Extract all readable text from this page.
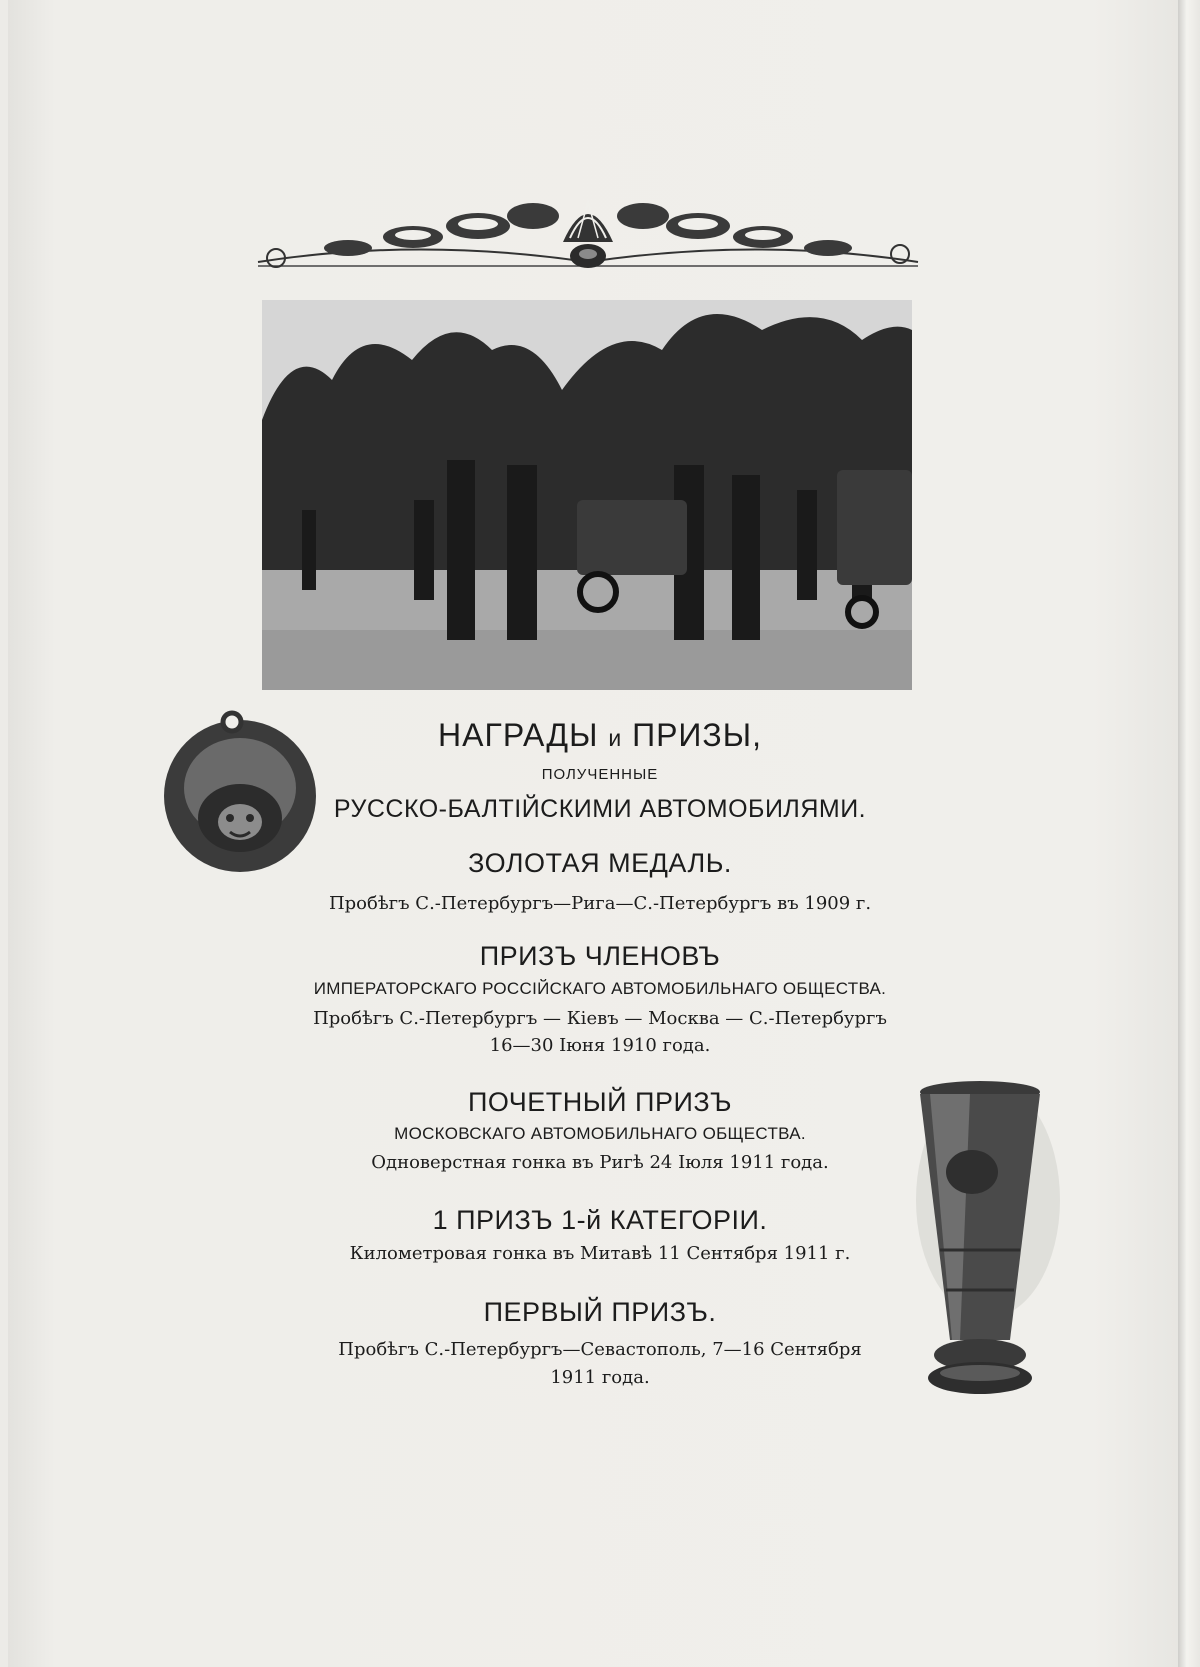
НАГРАДЫ и ПРИЗЫ,
ПОЛУЧЕННЫЕ
РУССКО-БАЛТІЙСКИМИ АВТОМОБИЛЯМИ.
ЗОЛОТАЯ МЕДАЛЬ.
Пробѣгъ С.-Петербургъ—Рига—С.-Петербургъ въ 1909 г.
ПРИЗЪ ЧЛЕНОВЪ
ИМПЕРАТОРСКАГО РОССІЙСКАГО АВТОМОБИЛЬНАГО ОБЩЕСТВА.
Пробѣгъ С.-Петербургъ — Кіевъ — Москва — С.-Петербургъ
16—30 Іюня 1910 года.
ПОЧЕТНЫЙ ПРИЗЪ
МОСКОВСКАГО АВТОМОБИЛЬНАГО ОБЩЕСТВА.
Одноверстная гонка въ Ригѣ 24 Іюля 1911 года.
1 ПРИЗЪ 1-й КАТЕГОРІИ.
Километровая гонка въ Митавѣ 11 Сентября 1911 г.
ПЕРВЫЙ ПРИЗЪ.
Пробѣгъ С.-Петербургъ—Севастополь, 7—16 Сентября
1911 года.
